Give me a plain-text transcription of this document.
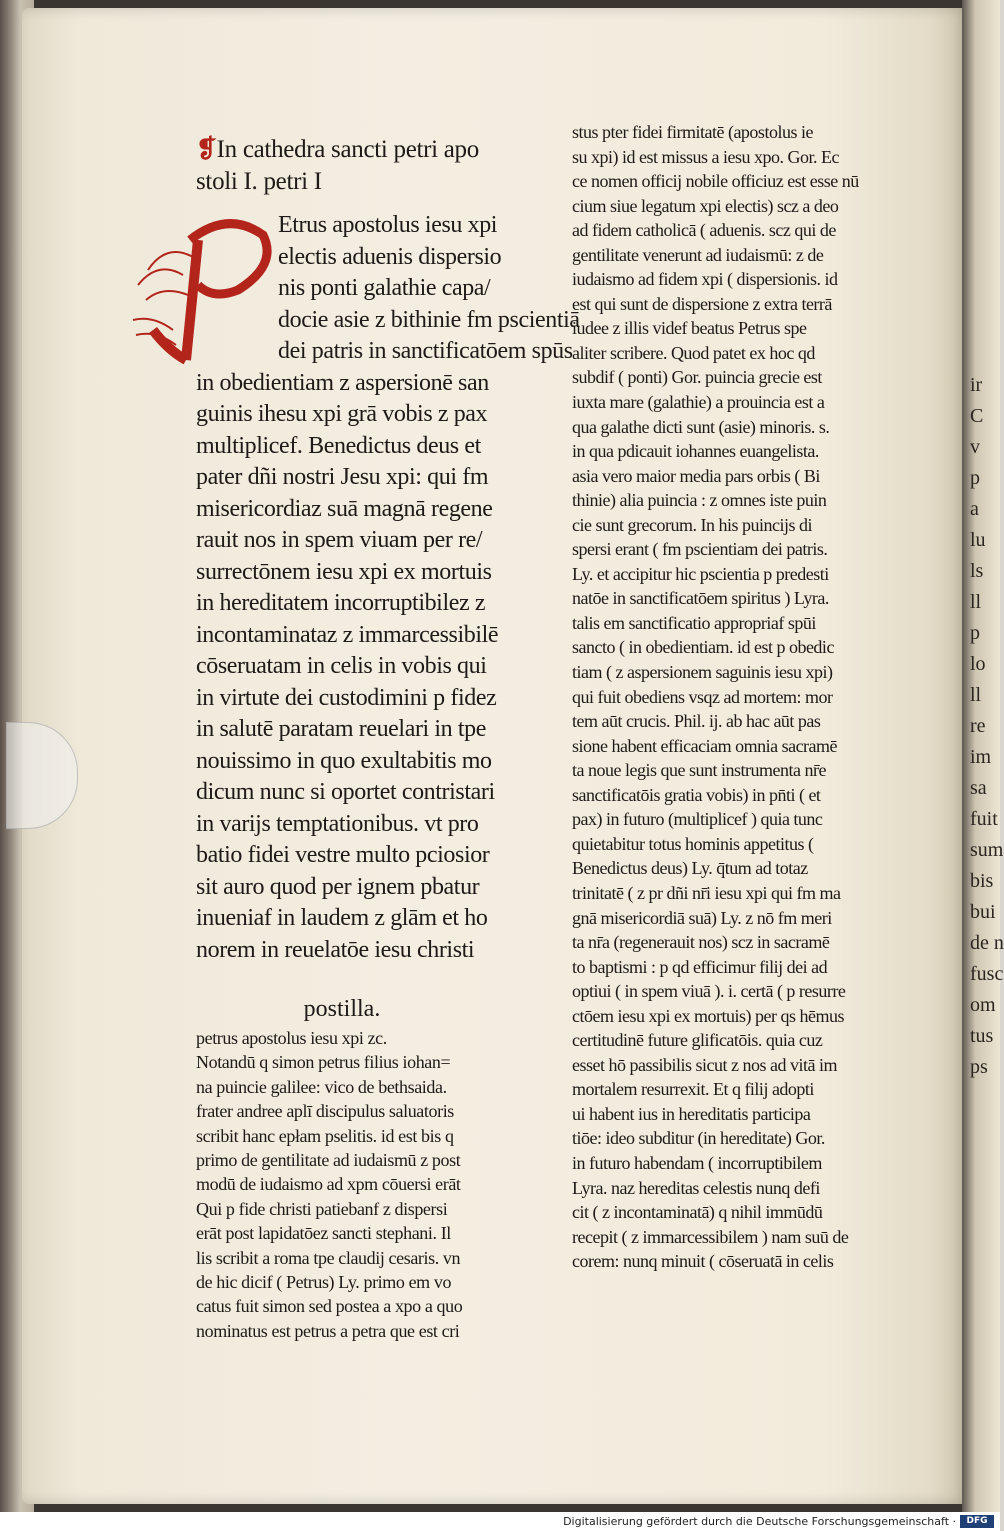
ir
C
v
p
a
lu
ls
ll
p
lo
ll
re
im
sa
fuit
sum
bis
bui
de n
fusc
om
tus
ps
❡In cathedra sancti petri apo
stoli I. petri I
Etrus apostolus iesu xpi
electis aduenis dispersio
nis ponti galathie capa/
docie asie z bithinie fm pscientiā
dei patris in sanctificatōem spūs
in obedientiam z aspersionē san
guinis ihesu xpi grā vobis z pax
multiplicef. Benedictus deus et
pater dñi nostri Jesu xpi: qui fm
misericordiaz suā magnā regene
rauit nos in spem viuam per re/
surrectōnem iesu xpi ex mortuis
in hereditatem incorruptibilez z
incontaminataz z immarcessibilē
cōseruatam in celis in vobis qui
in virtute dei custodimini p fidez
in salutē paratam reuelari in tpe
nouissimo in quo exultabitis mo
dicum nunc si oportet contristari
in varijs temptationibus. vt pro
batio fidei vestre multo pciosior
sit auro quod per ignem pbatur
inueniaf in laudem z glām et ho
norem in reuelatōe iesu christi
postilla.
petrus apostolus iesu xpi zc.
Notandū q simon petrus filius iohan=
na puincie galilee: vico de bethsaida.
frater andree aplī discipulus saluatoris
scribit hanc epłam pselitis. id est bis q
primo de gentilitate ad iudaismū z post
modū de iudaismo ad xpm cōuersi erāt
Qui p fide christi patiebanf z dispersi
erāt post lapidatōez sancti stephani. Il
lis scribit a roma tpe claudij cesaris. vn
de hic dicif ( Petrus) Ly. primo em vo
catus fuit simon sed postea a xpo a quo
nominatus est petrus a petra que est cri
stus pter fidei firmitatē (apostolus ie
su xpi) id est missus a iesu xpo. Gor. Ec
ce nomen officij nobile officiuz est esse nū
cium siue legatum xpi electis) scz a deo
ad fidem catholicā ( aduenis. scz qui de
gentilitate venerunt ad iudaismū: z de
iudaismo ad fidem xpi ( dispersionis. id
est qui sunt de dispersione z extra terrā
iudee z illis videf beatus Petrus spe
aliter scribere. Quod patet ex hoc qd
subdif ( ponti) Gor. puincia grecie est
iuxta mare (galathie) a prouincia est a
qua galathe dicti sunt (asie) minoris. s.
in qua pdicauit iohannes euangelista.
asia vero maior media pars orbis ( Bi
thinie) alia puincia : z omnes iste puin
cie sunt grecorum. In his puincijs di
spersi erant ( fm pscientiam dei patris.
Ly. et accipitur hic pscientia p predesti
natōe in sanctificatōem spiritus ) Lyra.
talis em sanctificatio appropriaf spūi
sancto ( in obedientiam. id est p obedic
tiam ( z aspersionem saguinis iesu xpi)
qui fuit obediens vsqz ad mortem: mor
tem aūt crucis. Phil. ij. ab hac aūt pas
sione habent efficaciam omnia sacramē
ta noue legis que sunt instrumenta nr̄e
sanctificatōis gratia vobis) in pn̄ti ( et
pax) in futuro (multiplicef ) quia tunc
quietabitur totus hominis appetitus (
Benedictus deus) Ly. q̄tum ad totaz
trinitatē ( z pr dñi nr̄i iesu xpi qui fm ma
gnā misericordiā suā) Ly. z nō fm meri
ta nr̄a (regenerauit nos) scz in sacramē
to baptismi : p qd efficimur filij dei ad
optiui ( in spem viuā ). i. certā ( p resurre
ctōem iesu xpi ex mortuis) per qs hēmus
certitudinē future glificatōis. quia cuz
esset hō passibilis sicut z nos ad vitā im
mortalem resurrexit. Et q filij adopti
ui habent ius in hereditatis participa
tiōe: ideo subditur (in hereditate) Gor.
in futuro habendam ( incorruptibilem
Lyra. naz hereditas celestis nunq defi
cit ( z incontaminatā) q nihil immūdū
recepit ( z immarcessibilem ) nam suū de
corem: nunq minuit ( cōseruatā in celis
Digitalisierung gefördert durch die Deutsche Forschungsgemeinschaft ·	DFG
